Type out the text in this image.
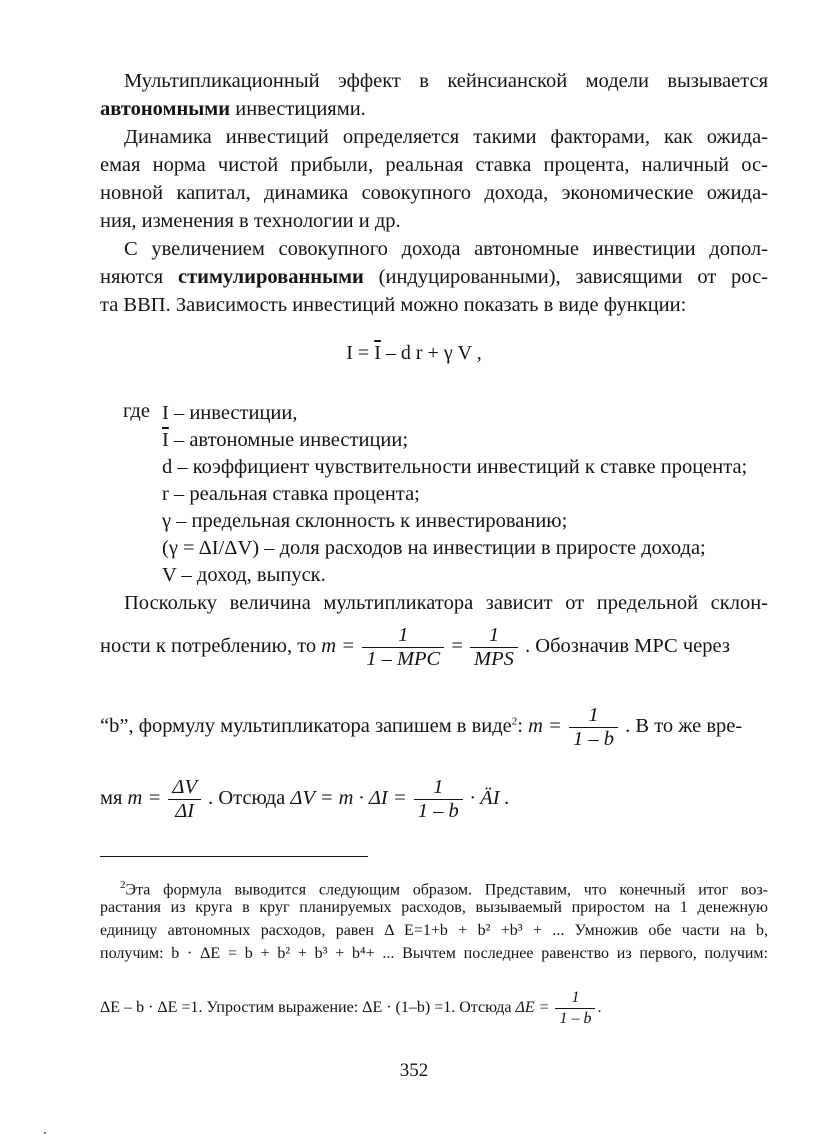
Мультипликационный эффект в кейнсианской модели вызывается
автономными инвестициями.
Динамика инвестиций определяется такими факторами, как ожида-
емая норма чистой прибыли, реальная ставка процента, наличный ос-
новной капитал, динамика совокупного дохода, экономические ожида-
ния, изменения в технологии и др.
С увеличением совокупного дохода автономные инвестиции допол-
няются стимулированными (индуцированными), зависящими от рос-
та ВВП. Зависимость инвестиций можно показать в виде функции:
$I = \overline{I} - d$ r + γ V ,
где I – инвестиции,
$\overline{I}$ – автономные инвестиции;
d – коэффициент чувствительности инвестиций к ставке процента;
r – реальная ставка процента;
γ – предельная склонность к инвестированию;
(γ = ΔI/ΔV) – доля расходов на инвестиции в приросте дохода;
V – доход, выпуск.
Поскольку величина мультипликатора зависит от предельной склон-
ности к потреблению, то $m = \frac{1}{\text{1 – MPC}} = \frac{1}{\text{MPS}}$ . Обозначив МРС через
“b”, формулу мультипликатора запишем в виде$^2$: $m = \frac{1}{1 - b}$ . В то же вре-
мя $m = \frac{\Delta V}{\Delta I}$ . Отсюда $\Delta V = m \cdot \Delta I = \frac{1}{1 - b}$ · ÄI .
$^2$Эта формула выводится следующим образом. Представим, что конечный итог воз-
растания из круга в круг планируемых расходов, вызываемый приростом на 1 денежную
единицу автономных расходов, равен Δ E=1+b + b² +b³ + ... Умножив обе части на b,
получим: b · ΔE = b + b² + b³ + b⁴+ ... Вычтем последнее равенство из первого, получим:
ΔE – b · ΔE =1. Упростим выражение: ΔE · (1–b) =1. Отсюда $\Delta E = \frac{1}{1 - b}$ .
352
